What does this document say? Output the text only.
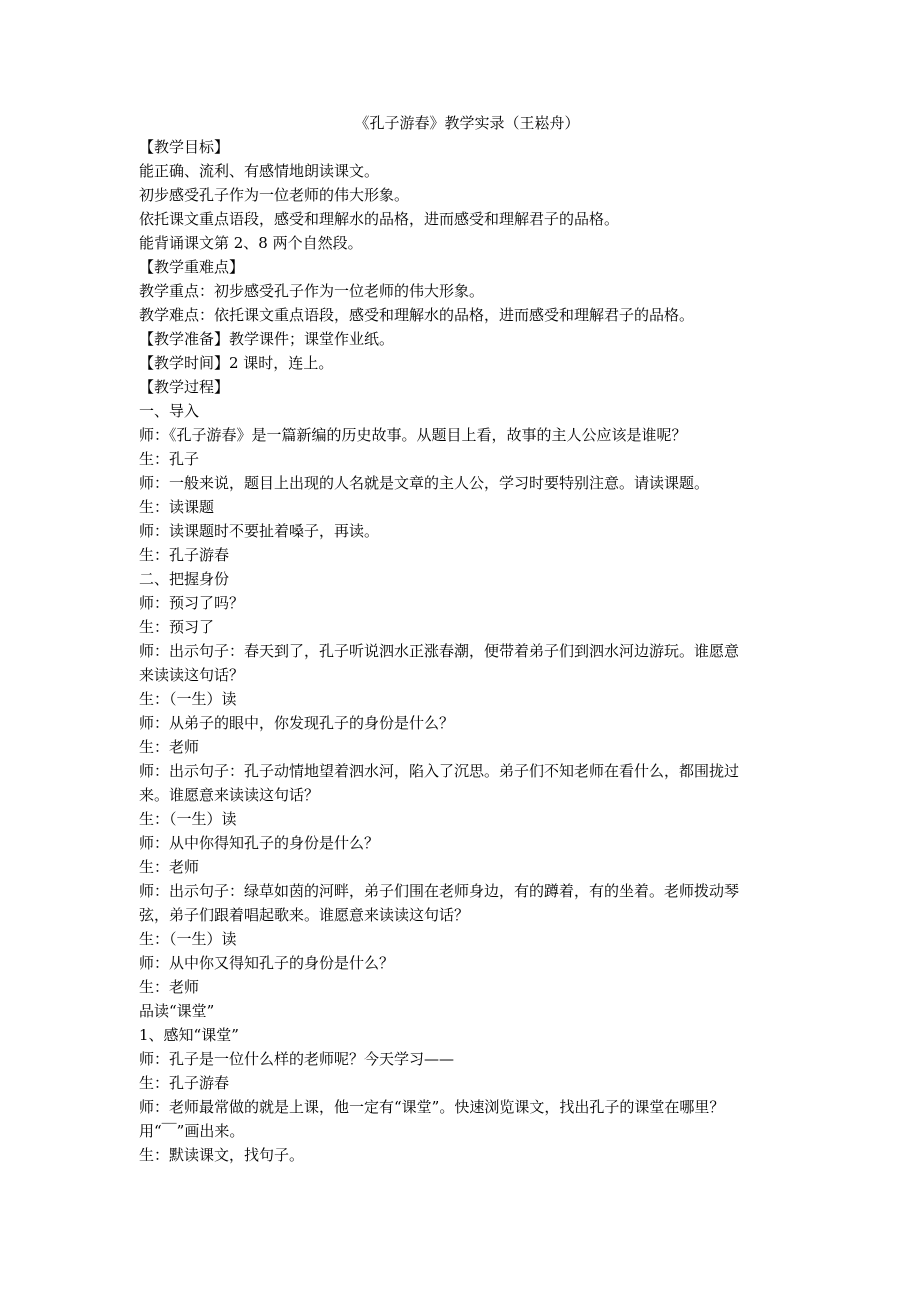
《孔子游春》教学实录（王崧舟）
【教学目标】
能正确、流利、有感情地朗读课文。
初步感受孔子作为一位老师的伟大形象。
依托课文重点语段，感受和理解水的品格，进而感受和理解君子的品格。
能背诵课文第 2、8 两个自然段。
【教学重难点】
教学重点：初步感受孔子作为一位老师的伟大形象。
教学难点：依托课文重点语段，感受和理解水的品格，进而感受和理解君子的品格。
【教学准备】教学课件；课堂作业纸。
【教学时间】2 课时，连上。
【教学过程】
一、导入
师：《孔子游春》是一篇新编的历史故事。从题目上看，故事的主人公应该是谁呢？
生：孔子
师：一般来说，题目上出现的人名就是文章的主人公，学习时要特别注意。请读课题。
生：读课题
师：读课题时不要扯着嗓子，再读。
生：孔子游春
二、把握身份
师：预习了吗？
生：预习了
师：出示句子：春天到了，孔子听说泗水正涨春潮，便带着弟子们到泗水河边游玩。谁愿意
来读读这句话？
生：（一生）读
师：从弟子的眼中，你发现孔子的身份是什么？
生：老师
师：出示句子：孔子动情地望着泗水河，陷入了沉思。弟子们不知老师在看什么，都围拢过
来。谁愿意来读读这句话？
生：（一生）读
师：从中你得知孔子的身份是什么？
生：老师
师：出示句子：绿草如茵的河畔，弟子们围在老师身边，有的蹲着，有的坐着。老师拨动琴
弦，弟子们跟着唱起歌来。谁愿意来读读这句话？
生：（一生）读
师：从中你又得知孔子的身份是什么？
生：老师
品读“课堂”
1、感知“课堂”
师：孔子是一位什么样的老师呢？今天学习——
生：孔子游春
师：老师最常做的就是上课，他一定有“课堂”。快速浏览课文，找出孔子的课堂在哪里？
用“￣”画出来。
生：默读课文，找句子。
